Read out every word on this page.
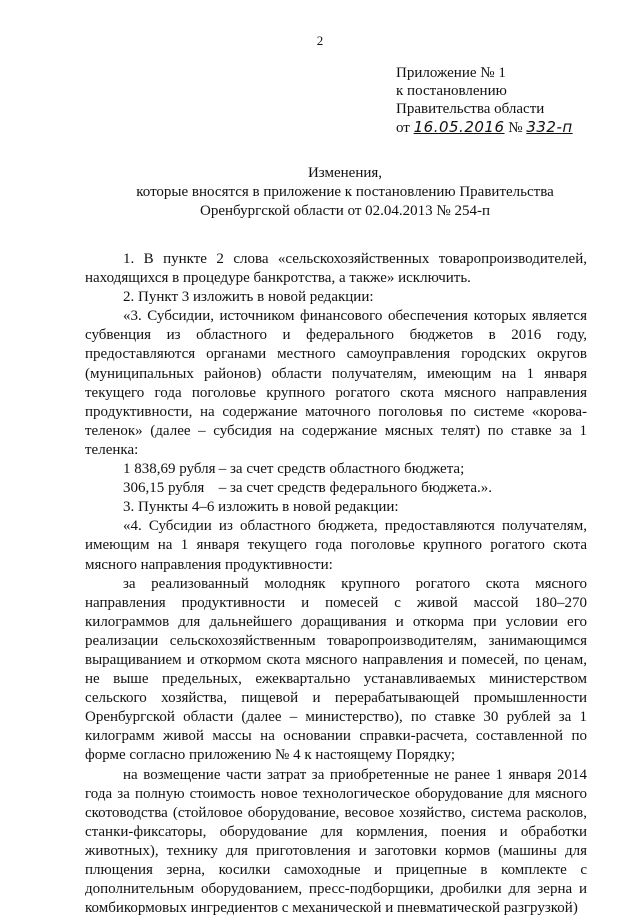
2
Приложение № 1
к постановлению
Правительства области
от 16.05.2016 № 332-п
Изменения,
которые вносятся в приложение к постановлению Правительства
Оренбургской области от 02.04.2013 № 254-п

1. В пункте 2 слова «сельскохозяйственных товаропроизводителей, находящихся в процедуре банкротства, а также» исключить.

2. Пункт 3 изложить в новой редакции:

«3. Субсидии, источником финансового обеспечения которых является субвенция из областного и федерального бюджетов в 2016 году, предоставляются органами местного самоуправления городских округов (муниципальных районов) области получателям, имеющим на 1 января текущего года поголовье крупного рогатого скота мясного направления продуктивности, на содержание маточного поголовья по системе «корова-теленок» (далее – субсидия на содержание мясных телят) по ставке за 1 теленка:

1 838,69 рубля – за счет средств областного бюджета;

306,15 рубля – за счет средств федерального бюджета.».

3. Пункты 4–6 изложить в новой редакции:

«4. Субсидии из областного бюджета, предоставляются получателям, имеющим на 1 января текущего года поголовье крупного рогатого скота мясного направления продуктивности:

за реализованный молодняк крупного рогатого скота мясного направления продуктивности и помесей с живой массой 180–270 килограммов для дальнейшего доращивания и откорма при условии его реализации сельскохозяйственным товаропроизводителям, занимающимся выращиванием и откормом скота мясного направления и помесей, по ценам, не выше предельных, ежеквартально устанавливаемых министерством сельского хозяйства, пищевой и перерабатывающей промышленности Оренбургской области (далее – министерство), по ставке 30 рублей за 1 килограмм живой массы на основании справки-расчета, составленной по форме согласно приложению № 4 к настоящему Порядку;

на возмещение части затрат за приобретенные не ранее 1 января 2014 года за полную стоимость новое технологическое оборудование для мясного скотоводства (стойловое оборудование, весовое хозяйство, система расколов, станки-фиксаторы, оборудование для кормления, поения и обработки животных), технику для приготовления и заготовки кормов (машины для плющения зерна, косилки самоходные и прицепные в комплекте с дополнительным оборудованием, пресс-подборщики, дробилки для зерна и комбикормовых ингредиентов с механической и пневматической разгрузкой)
